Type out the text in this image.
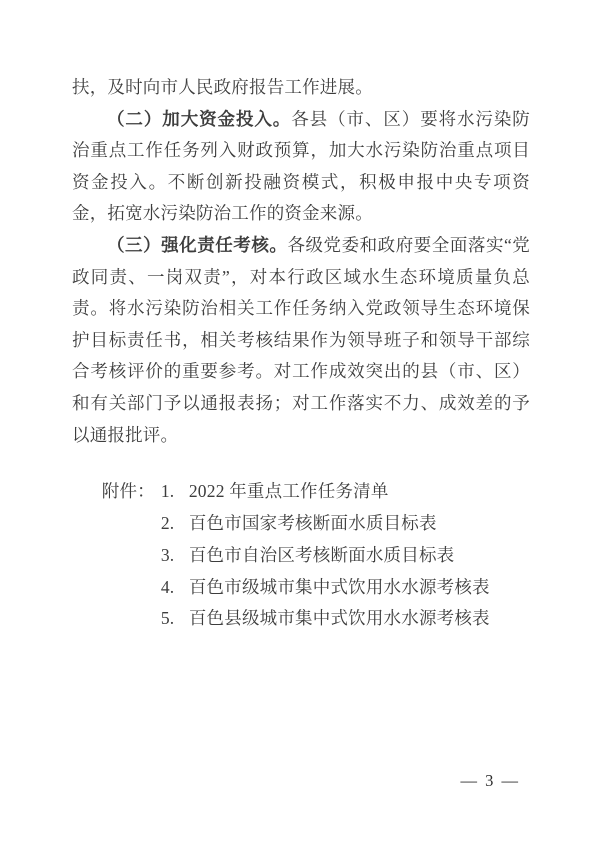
扶，及时向市人民政府报告工作进展。

（二）加大资金投入。各县（市、区）要将水污染防治重点工作任务列入财政预算，加大水污染防治重点项目资金投入。不断创新投融资模式，积极申报中央专项资金，拓宽水污染防治工作的资金来源。

（三）强化责任考核。各级党委和政府要全面落实“党政同责、一岗双责”，对本行政区域水生态环境质量负总责。将水污染防治相关工作任务纳入党政领导生态环境保护目标责任书，相关考核结果作为领导班子和领导干部综合考核评价的重要参考。对工作成效突出的县（市、区）和有关部门予以通报表扬；对工作落实不力、成效差的予以通报批评。

附件： 1. 2022 年重点工作任务清单
2. 百色市国家考核断面水质目标表
3. 百色市自治区考核断面水质目标表
4. 百色市级城市集中式饮用水水源考核表
5. 百色县级城市集中式饮用水水源考核表
— 3 —
